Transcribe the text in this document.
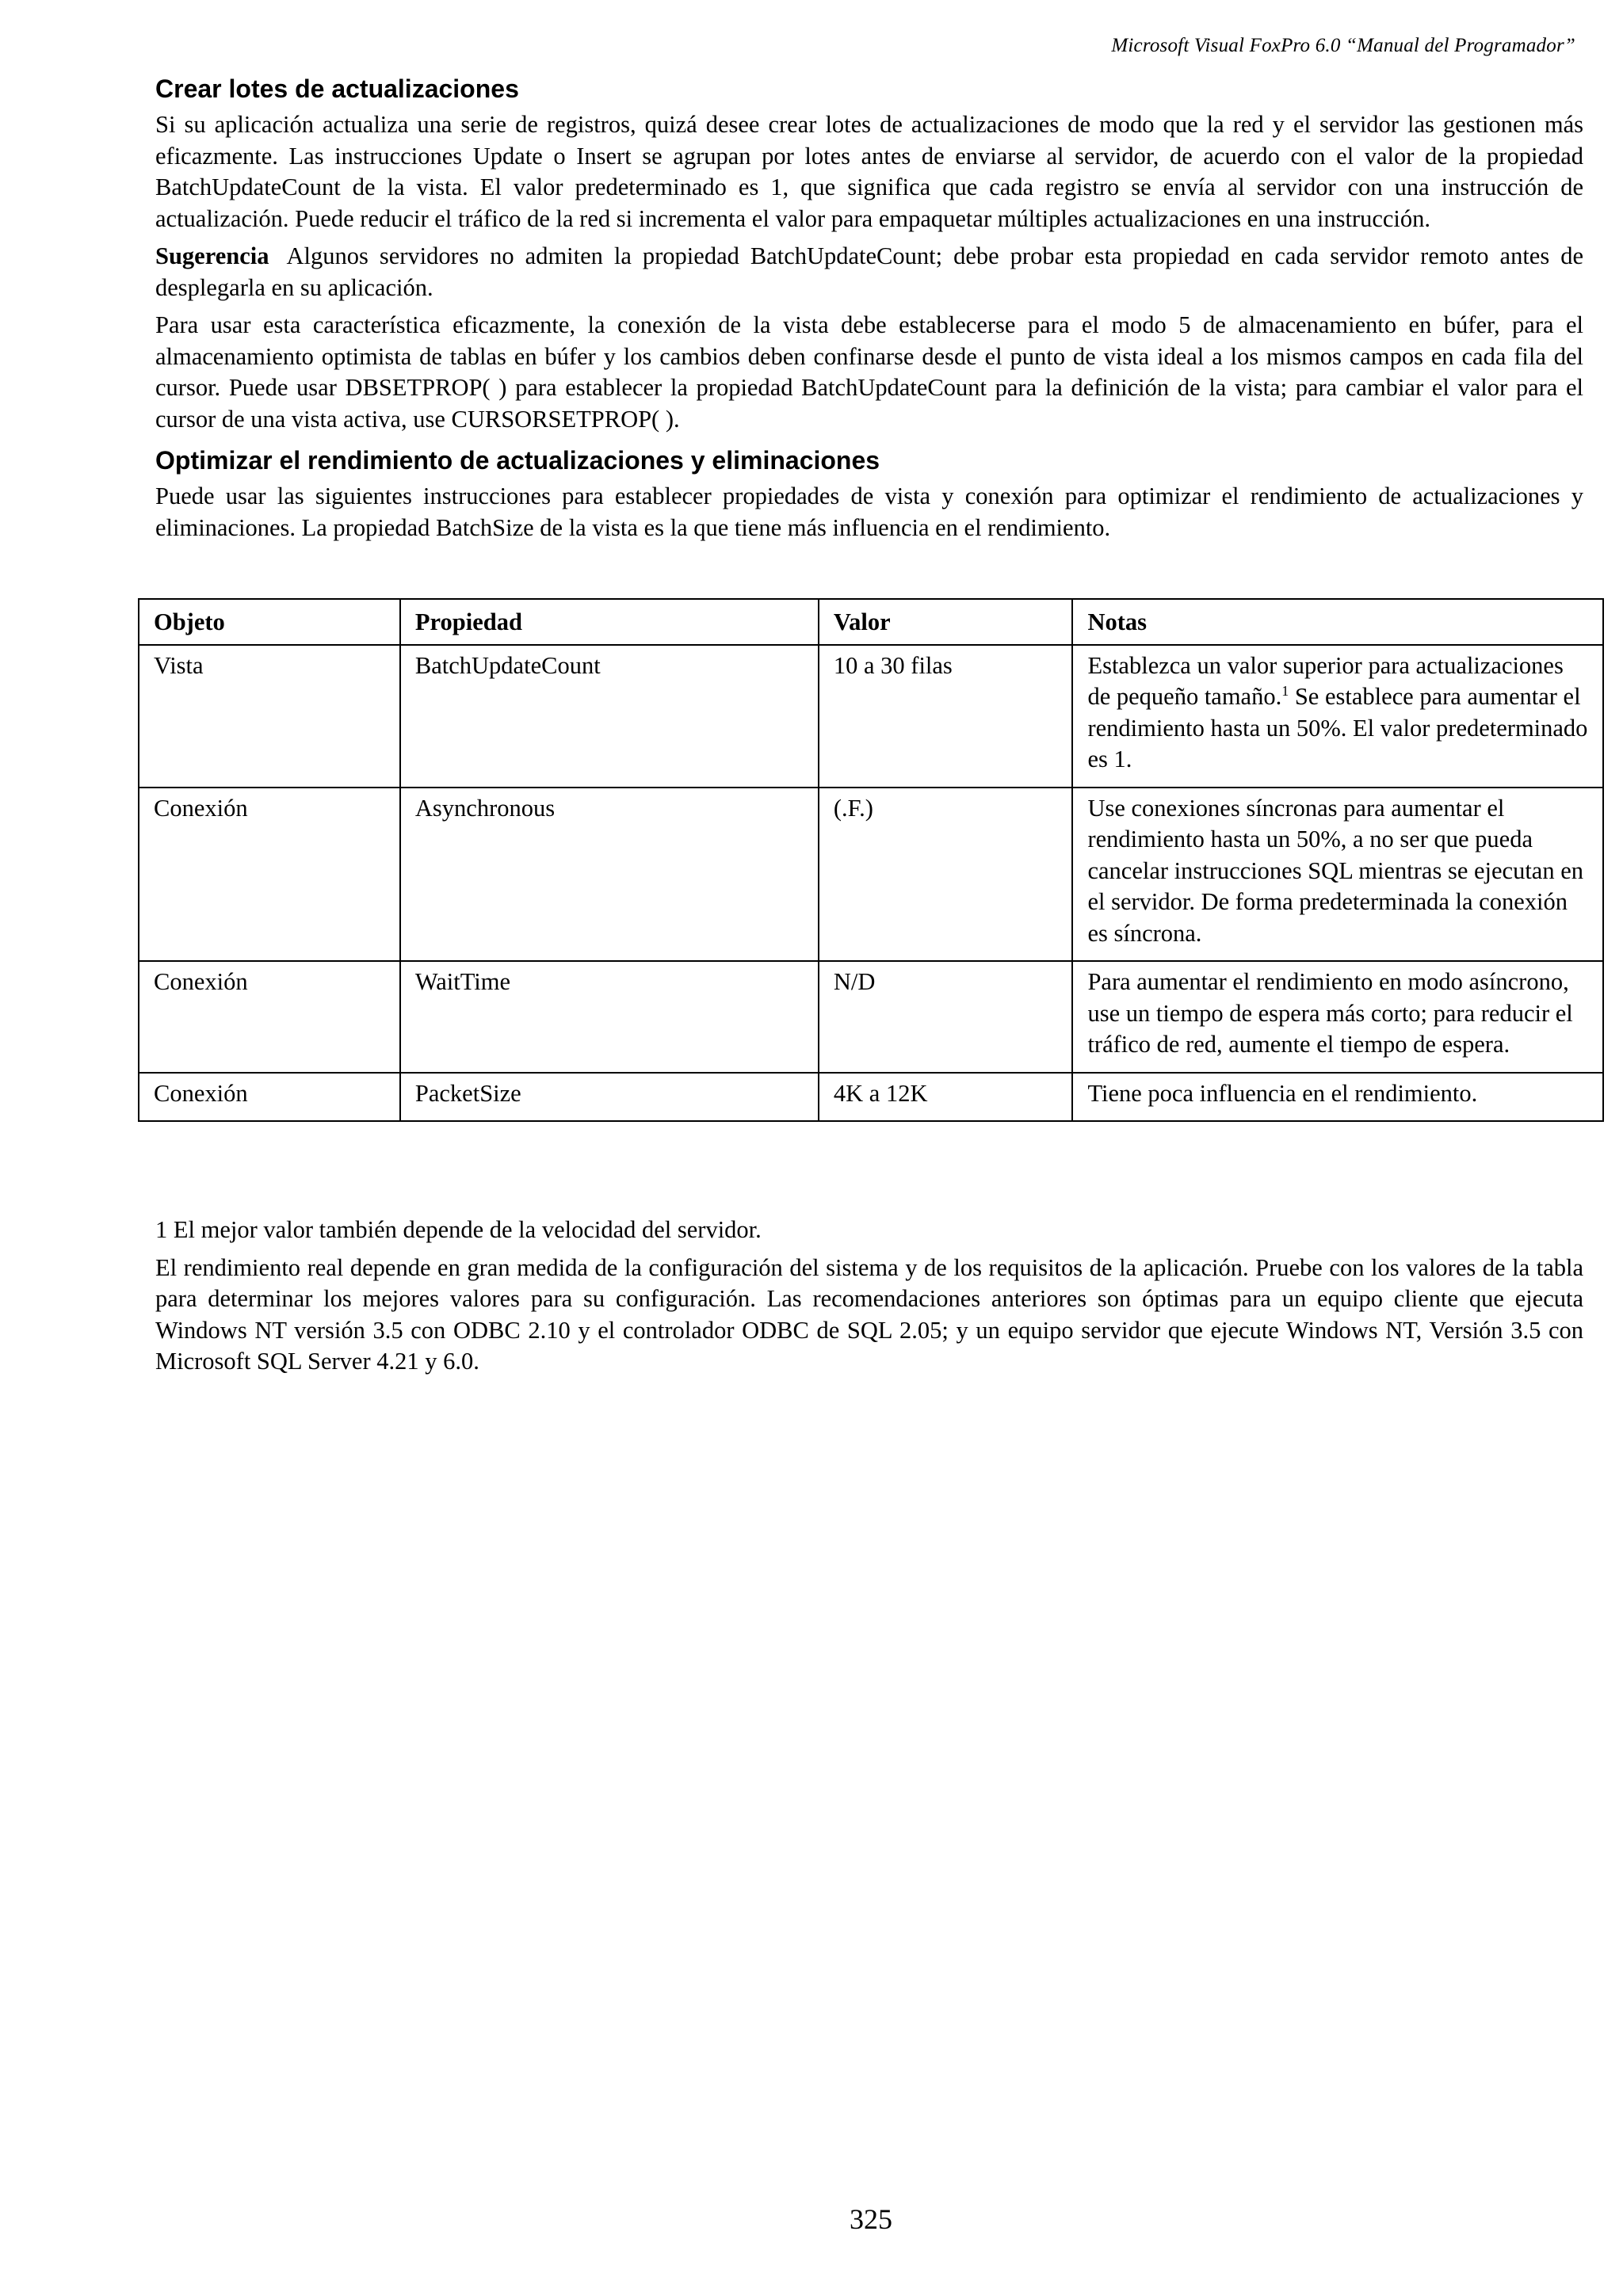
Microsoft Visual FoxPro 6.0 “Manual del Programador”
Crear lotes de actualizaciones

Si su aplicación actualiza una serie de registros, quizá desee crear lotes de actualizaciones de modo que la red y el servidor las gestionen más eficazmente. Las instrucciones Update o Insert se agrupan por lotes antes de enviarse al servidor, de acuerdo con el valor de la propiedad BatchUpdateCount de la vista. El valor predeterminado es 1, que significa que cada registro se envía al servidor con una instrucción de actualización. Puede reducir el tráfico de la red si incrementa el valor para empaquetar múltiples actualizaciones en una instrucción.

Sugerencia Algunos servidores no admiten la propiedad BatchUpdateCount; debe probar esta propiedad en cada servidor remoto antes de desplegarla en su aplicación.

Para usar esta característica eficazmente, la conexión de la vista debe establecerse para el modo 5 de almacenamiento en búfer, para el almacenamiento optimista de tablas en búfer y los cambios deben confinarse desde el punto de vista ideal a los mismos campos en cada fila del cursor. Puede usar DBSETPROP( ) para establecer la propiedad BatchUpdateCount para la definición de la vista; para cambiar el valor para el cursor de una vista activa, use CURSORSETPROP( ).

Optimizar el rendimiento de actualizaciones y eliminaciones

Puede usar las siguientes instrucciones para establecer propiedades de vista y conexión para optimizar el rendimiento de actualizaciones y eliminaciones. La propiedad BatchSize de la vista es la que tiene más influencia en el rendimiento.

Objeto	Propiedad	Valor	Notas
Vista	BatchUpdateCount	10 a 30 filas	Establezca un valor superior para actualizaciones de pequeño tamaño.$^1$ Se establece para aumentar el rendimiento hasta un 50%. El valor predeterminado es 1.
Conexión	Asynchronous	(.F.)	Use conexiones síncronas para aumentar el rendimiento hasta un 50%, a no ser que pueda cancelar instrucciones SQL mientras se ejecutan en el servidor. De forma predeterminada la conexión es síncrona.
Conexión	WaitTime	N/D	Para aumentar el rendimiento en modo asíncrono, use un tiempo de espera más corto; para reducir el tráfico de red, aumente el tiempo de espera.
Conexión	PacketSize	4K a 12K	Tiene poca influencia en el rendimiento.

1 El mejor valor también depende de la velocidad del servidor.

El rendimiento real depende en gran medida de la configuración del sistema y de los requisitos de la aplicación. Pruebe con los valores de la tabla para determinar los mejores valores para su configuración. Las recomendaciones anteriores son óptimas para un equipo cliente que ejecuta Windows NT versión 3.5 con ODBC 2.10 y el controlador ODBC de SQL 2.05; y un equipo servidor que ejecute Windows NT, Versión 3.5 con Microsoft SQL Server 4.21 y 6.0.

325
